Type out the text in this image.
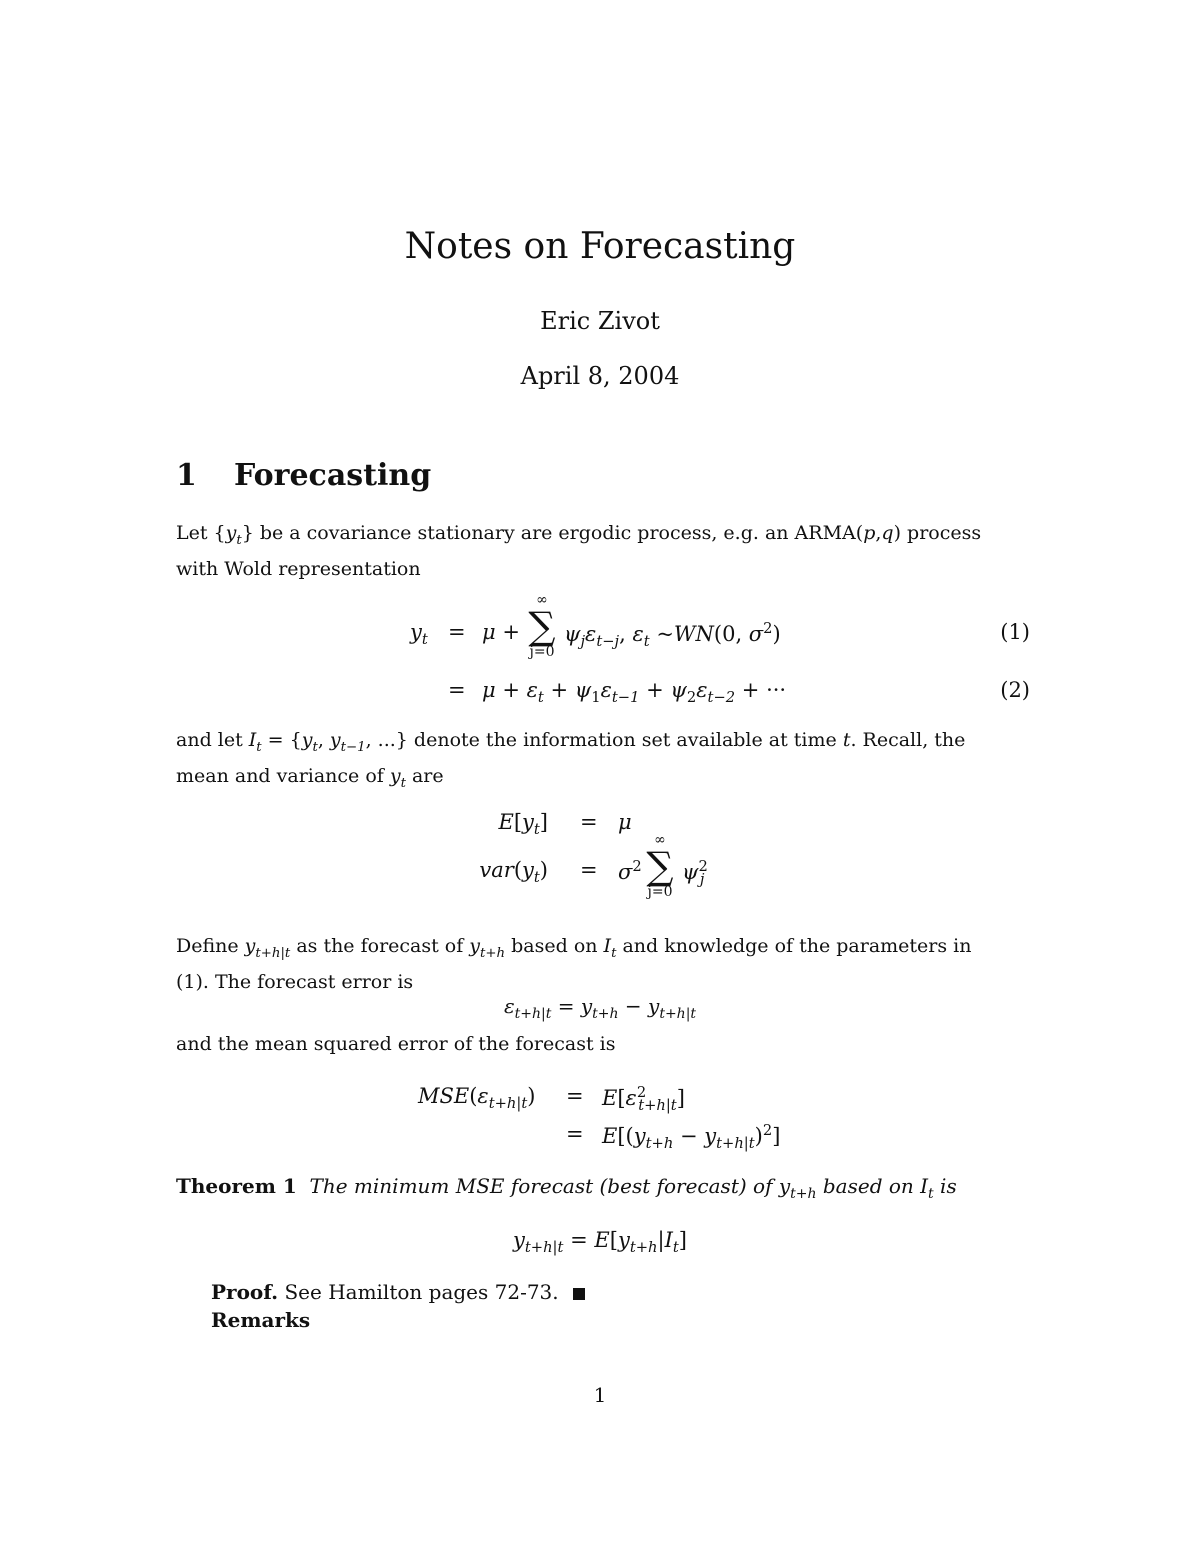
Notes on Forecasting
Eric Zivot
April 8, 2004
1 Forecasting
Let $\{y_t\}$ be a covariance stationary are ergodic process, e.g. an ARMA(p,q) process
with Wold representation
$y_t = \mu$ +
∞
∑
j=0
$\psi_j\varepsilon_{t-j}$, $\varepsilon_t$ ~WN(0, $\sigma^2$)	(1)
= $\mu + \varepsilon_t + \psi_1\varepsilon_{t-1} + \psi_2\varepsilon_{t-2}$ + ···	(2)
and let $I_t = \{y_t$, $y_{t-1}$, ...} denote the information set available at time t. Recall, the
mean and variance of $y_t$ are
$E[y_t] = \mu$
$var(y_t) = \sigma^2$
∞
∑
j=0
$\psi^2_j$
Define $y_{t+h|t}$ as the forecast of $y_{t+h}$ based on $I_t$ and knowledge of the parameters in
(1). The forecast error is
$\varepsilon_{t+h|t} = y_{t+h} - y_{t+h|t}$
and the mean squared error of the forecast is
$MSE(\varepsilon_{t+h|t}) = E[\varepsilon^2_{t+h|t}]$
= $E[(y_{t+h} - y_{t+h|t})^2]$
Theorem 1 The minimum MSE forecast (best forecast) of $y_{t+h}$ based on $I_t$ is
$y_{t+h|t} = E[y_{t+h}|I_t]$
Proof. See Hamilton pages 72-73.
Remarks
1
